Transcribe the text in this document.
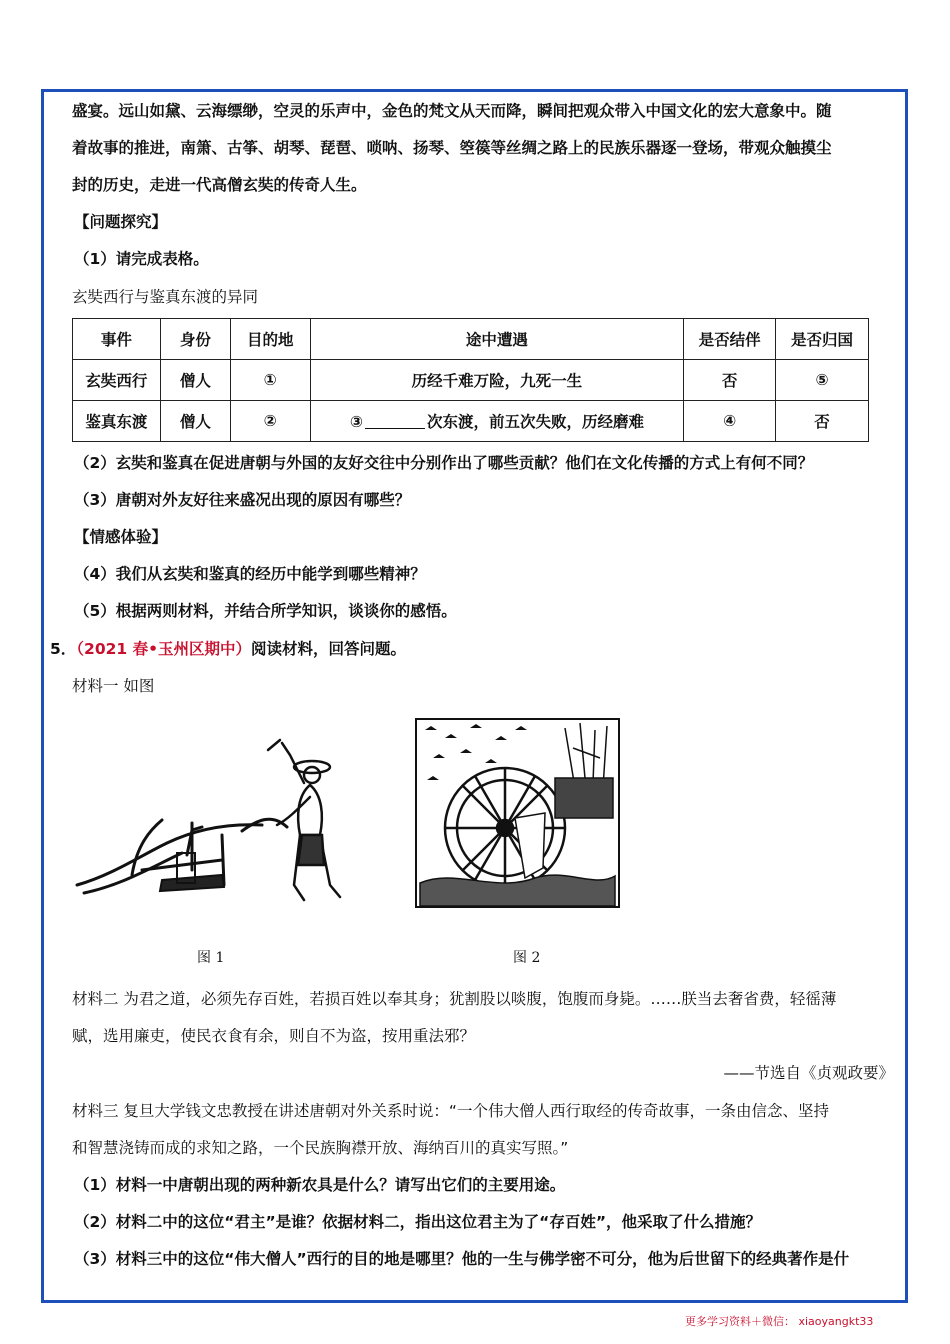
盛宴。远山如黛、云海缥缈，空灵的乐声中，金色的梵文从天而降，瞬间把观众带入中国文化的宏大意象中。随
着故事的推进，南箫、古筝、胡琴、琵琶、唢呐、扬琴、箜篌等丝绸之路上的民族乐器逐一登场，带观众触摸尘
封的历史，走进一代高僧玄奘的传奇人生。
【问题探究】
（1）请完成表格。
玄奘西行与鉴真东渡的异同
事件	身份	目的地	途中遭遇	是否结伴	是否归国
玄奘西行	僧人	①	历经千难万险，九死一生	否	⑤
鉴真东渡	僧人	②	③ 次东渡，前五次失败，历经磨难	④	否
（2）玄奘和鉴真在促进唐朝与外国的友好交往中分别作出了哪些贡献？他们在文化传播的方式上有何不同？
（3）唐朝对外友好往来盛况出现的原因有哪些？
【情感体验】
（4）我们从玄奘和鉴真的经历中能学到哪些精神？
（5）根据两则材料，并结合所学知识，谈谈你的感悟。
5．（2021 春•玉州区期中）阅读材料，回答问题。
材料一 如图
图 1	图 2
材料二 为君之道，必须先存百姓，若损百姓以奉其身；犹割股以啖腹，饱腹而身毙。……朕当去奢省费，轻徭薄
赋，选用廉吏，使民衣食有余，则自不为盗，按用重法邪？
——节选自《贞观政要》
材料三 复旦大学钱文忠教授在讲述唐朝对外关系时说：“一个伟大僧人西行取经的传奇故事，一条由信念、坚持
和智慧浇铸而成的求知之路，一个民族胸襟开放、海纳百川的真实写照。”
（1）材料一中唐朝出现的两种新农具是什么？请写出它们的主要用途。
（2）材料二中的这位“君主”是谁？依据材料二，指出这位君主为了“存百姓”，他采取了什么措施？
（3）材料三中的这位“伟大僧人”西行的目的地是哪里？他的一生与佛学密不可分，他为后世留下的经典著作是什
更多学习资料＋微信： xiaoyangkt33
